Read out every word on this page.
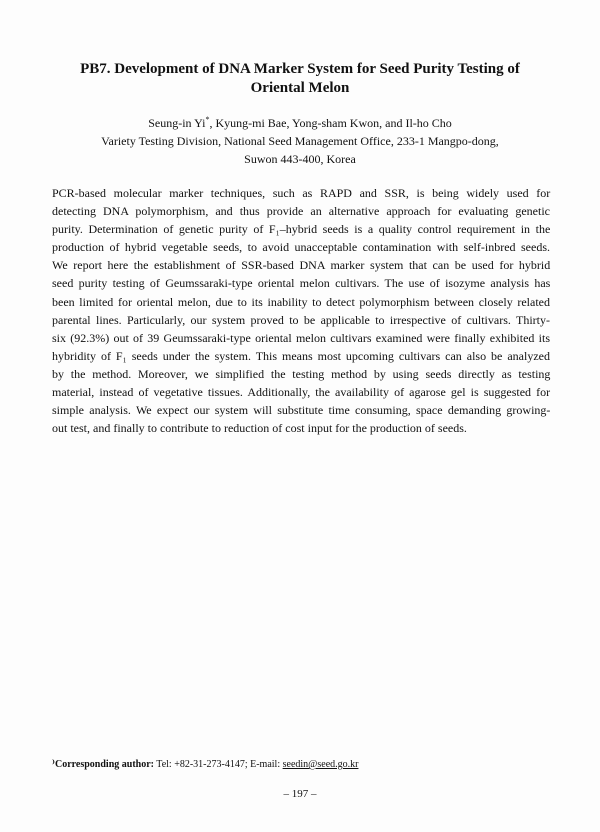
PB7. Development of DNA Marker System for Seed Purity Testing of
Oriental Melon
Seung-in Yi*, Kyung-mi Bae, Yong-sham Kwon, and Il-ho Cho
Variety Testing Division, National Seed Management Office, 233-1 Mangpo-dong,
Suwon 443-400, Korea
PCR-based molecular marker techniques, such as RAPD and SSR, is being widely used for
detecting DNA polymorphism, and thus provide an alternative approach for evaluating genetic
purity. Determination of genetic purity of F₁–hybrid seeds is a quality control requirement in the
production of hybrid vegetable seeds, to avoid unacceptable contamination with self-inbred seeds.
We report here the establishment of SSR-based DNA marker system that can be used for hybrid
seed purity testing of Geumssaraki-type oriental melon cultivars. The use of isozyme analysis has
been limited for oriental melon, due to its inability to detect polymorphism between closely related
parental lines. Particularly, our system proved to be applicable to irrespective of cultivars. Thirty-
six (92.3%) out of 39 Geumssaraki-type oriental melon cultivars examined were finally exhibited its
hybridity of F₁ seeds under the system. This means most upcoming cultivars can also be analyzed
by the method. Moreover, we simplified the testing method by using seeds directly as testing
material, instead of vegetative tissues. Additionally, the availability of agarose gel is suggested for
simple analysis. We expect our system will substitute time consuming, space demanding growing-
out test, and finally to contribute to reduction of cost input for the production of seeds.
⁾Corresponding author: Tel: +82-31-273-4147; E-mail: seedin@seed.go.kr
– 197 –
